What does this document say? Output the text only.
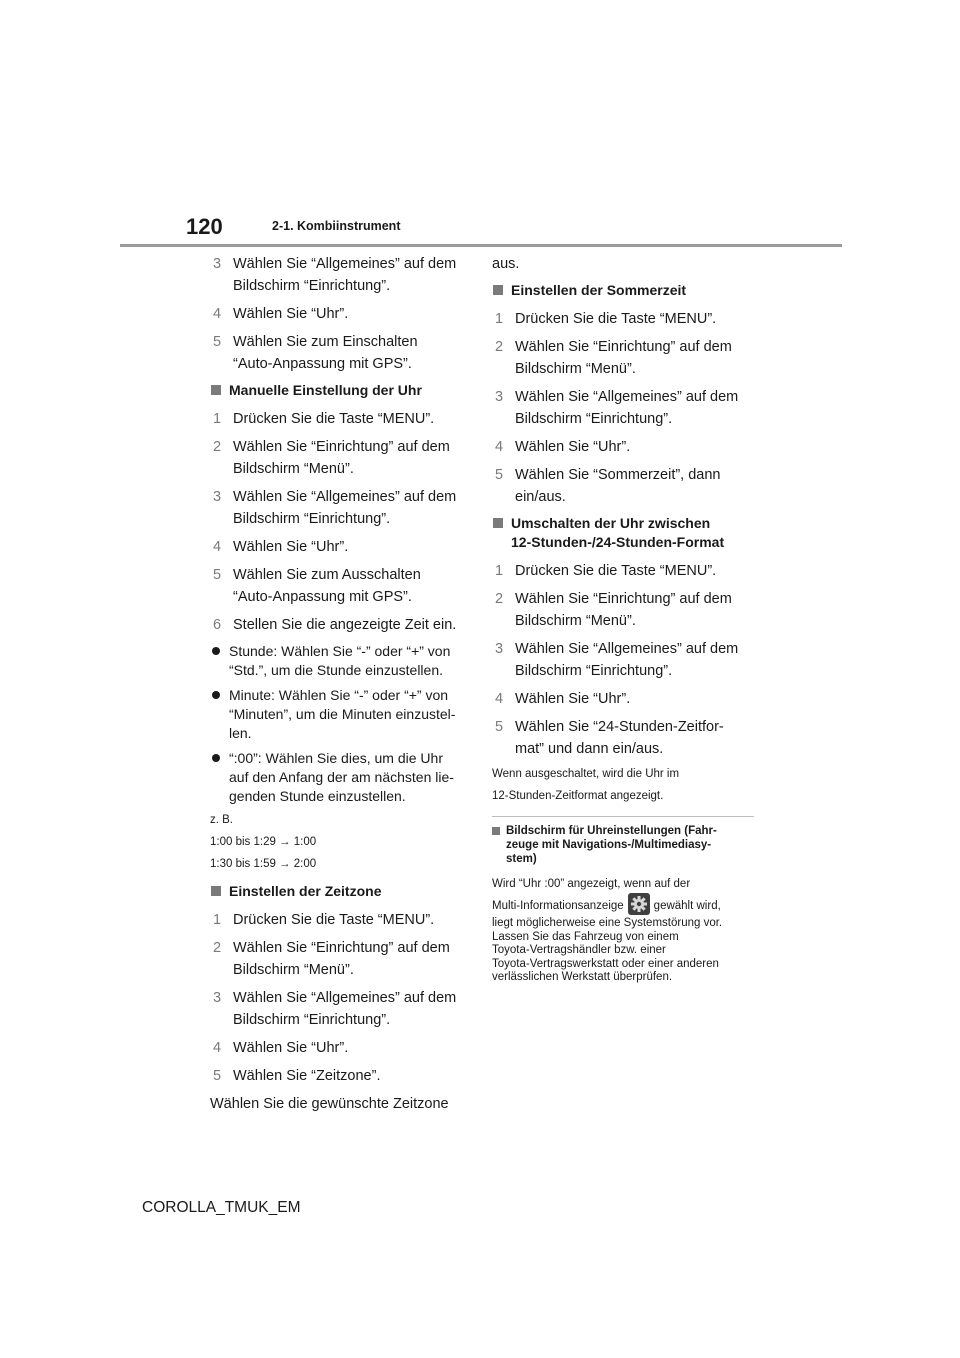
120	2-1. Kombiinstrument
3 Wählen Sie “Allgemeines” auf dem
Bildschirm “Einrichtung”.
4 Wählen Sie “Uhr”.
5 Wählen Sie zum Einschalten
“Auto-Anpassung mit GPS”.
Manuelle Einstellung der Uhr
1 Drücken Sie die Taste “MENU”.
2 Wählen Sie “Einrichtung” auf dem
Bildschirm “Menü”.
3 Wählen Sie “Allgemeines” auf dem
Bildschirm “Einrichtung”.
4 Wählen Sie “Uhr”.
5 Wählen Sie zum Ausschalten
“Auto-Anpassung mit GPS”.
6 Stellen Sie die angezeigte Zeit ein.
Stunde: Wählen Sie “-” oder “+” von
“Std.”, um die Stunde einzustellen.
Minute: Wählen Sie “-” oder “+” von
“Minuten”, um die Minuten einzustel-
len.
“:00”: Wählen Sie dies, um die Uhr
auf den Anfang der am nächsten lie-
genden Stunde einzustellen.
z. B.
1:00 bis 1:29 → 1:00
1:30 bis 1:59 → 2:00
Einstellen der Zeitzone
1 Drücken Sie die Taste “MENU”.
2 Wählen Sie “Einrichtung” auf dem
Bildschirm “Menü”.
3 Wählen Sie “Allgemeines” auf dem
Bildschirm “Einrichtung”.
4 Wählen Sie “Uhr”.
5 Wählen Sie “Zeitzone”.
Wählen Sie die gewünschte Zeitzone
aus.
Einstellen der Sommerzeit
1 Drücken Sie die Taste “MENU”.
2 Wählen Sie “Einrichtung” auf dem
Bildschirm “Menü”.
3 Wählen Sie “Allgemeines” auf dem
Bildschirm “Einrichtung”.
4 Wählen Sie “Uhr”.
5 Wählen Sie “Sommerzeit”, dann
ein/aus.
Umschalten der Uhr zwischen
12-Stunden-/24-Stunden-Format
1 Drücken Sie die Taste “MENU”.
2 Wählen Sie “Einrichtung” auf dem
Bildschirm “Menü”.
3 Wählen Sie “Allgemeines” auf dem
Bildschirm “Einrichtung”.
4 Wählen Sie “Uhr”.
5 Wählen Sie “24-Stunden-Zeitfor-
mat” und dann ein/aus.
Wenn ausgeschaltet, wird die Uhr im
12-Stunden-Zeitformat angezeigt.
Bildschirm für Uhreinstellungen (Fahr-
zeuge mit Navigations-/Multimediasy-
stem)
Wird “Uhr :00” angezeigt, wenn auf der
Multi-Informationsanzeige	gewählt wird,
liegt möglicherweise eine Systemstörung vor.
Lassen Sie das Fahrzeug von einem
Toyota-Vertragshändler bzw. einer
Toyota-Vertragswerkstatt oder einer anderen
verlässlichen Werkstatt überprüfen.
COROLLA_TMUK_EM
